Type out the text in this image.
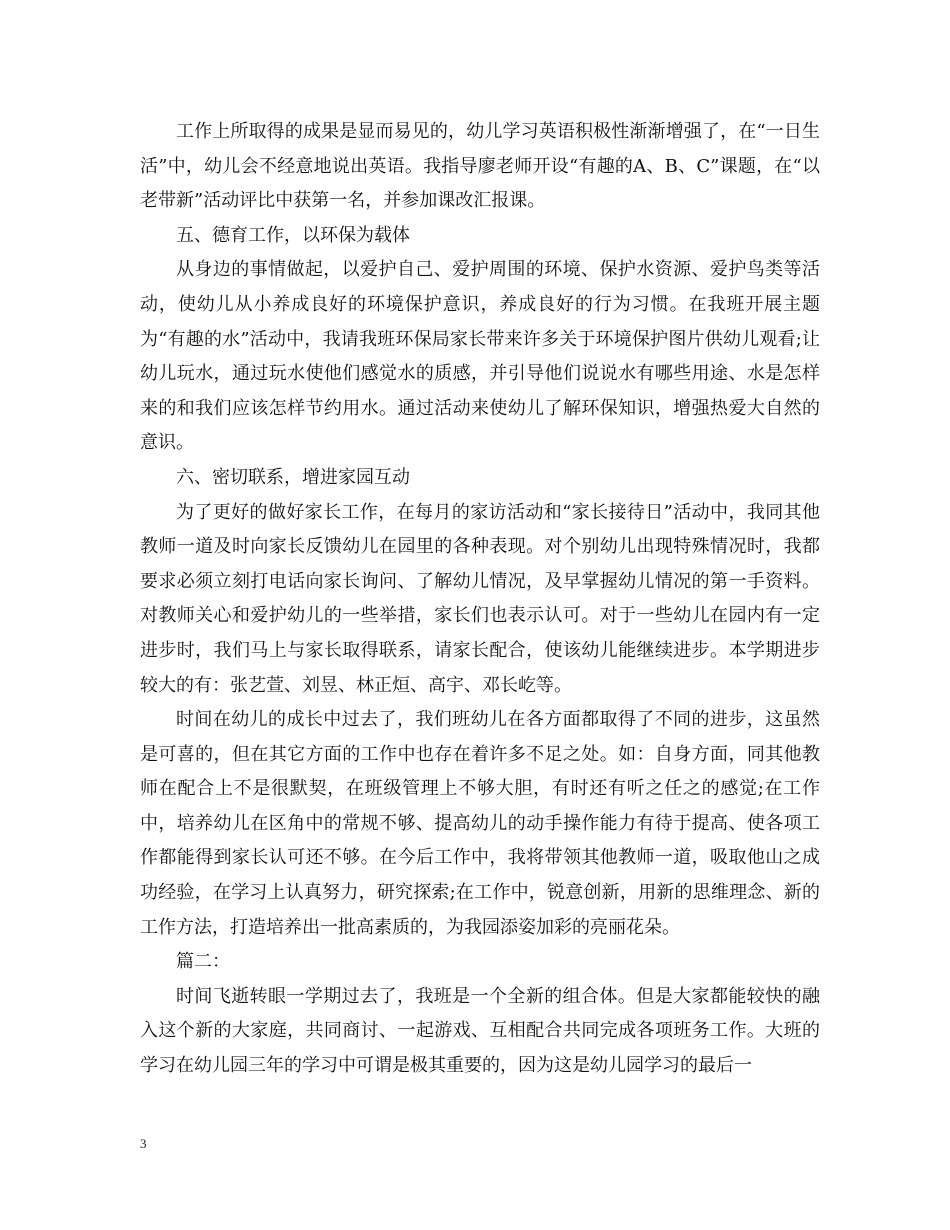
工作上所取得的成果是显而易见的，幼儿学习英语积极性渐渐增强了，在“一日生活”中，幼儿会不经意地说出英语。我指导廖老师开设“有趣的A、B、C”课题，在“以老带新”活动评比中获第一名，并参加课改汇报课。

五、德育工作，以环保为载体

从身边的事情做起，以爱护自己、爱护周围的环境、保护水资源、爱护鸟类等活动，使幼儿从小养成良好的环境保护意识，养成良好的行为习惯。在我班开展主题为“有趣的水”活动中，我请我班环保局家长带来许多关于环境保护图片供幼儿观看;让幼儿玩水，通过玩水使他们感觉水的质感，并引导他们说说水有哪些用途、水是怎样来的和我们应该怎样节约用水。通过活动来使幼儿了解环保知识，增强热爱大自然的意识。

六、密切联系，增进家园互动

为了更好的做好家长工作，在每月的家访活动和“家长接待日”活动中，我同其他教师一道及时向家长反馈幼儿在园里的各种表现。对个别幼儿出现特殊情况时，我都要求必须立刻打电话向家长询问、了解幼儿情况，及早掌握幼儿情况的第一手资料。对教师关心和爱护幼儿的一些举措，家长们也表示认可。对于一些幼儿在园内有一定进步时，我们马上与家长取得联系，请家长配合，使该幼儿能继续进步。本学期进步较大的有：张艺萱、刘昱、林正烜、高宇、邓长屹等。

时间在幼儿的成长中过去了，我们班幼儿在各方面都取得了不同的进步，这虽然是可喜的，但在其它方面的工作中也存在着许多不足之处。如：自身方面，同其他教师在配合上不是很默契，在班级管理上不够大胆，有时还有听之任之的感觉;在工作中，培养幼儿在区角中的常规不够、提高幼儿的动手操作能力有待于提高、使各项工作都能得到家长认可还不够。在今后工作中，我将带领其他教师一道，吸取他山之成功经验，在学习上认真努力，研究探索;在工作中，锐意创新，用新的思维理念、新的工作方法，打造培养出一批高素质的，为我园添姿加彩的亮丽花朵。

篇二：

时间飞逝转眼一学期过去了，我班是一个全新的组合体。但是大家都能较快的融入这个新的大家庭，共同商讨、一起游戏、互相配合共同完成各项班务工作。大班的学习在幼儿园三年的学习中可谓是极其重要的，因为这是幼儿园学习的最后一

3
